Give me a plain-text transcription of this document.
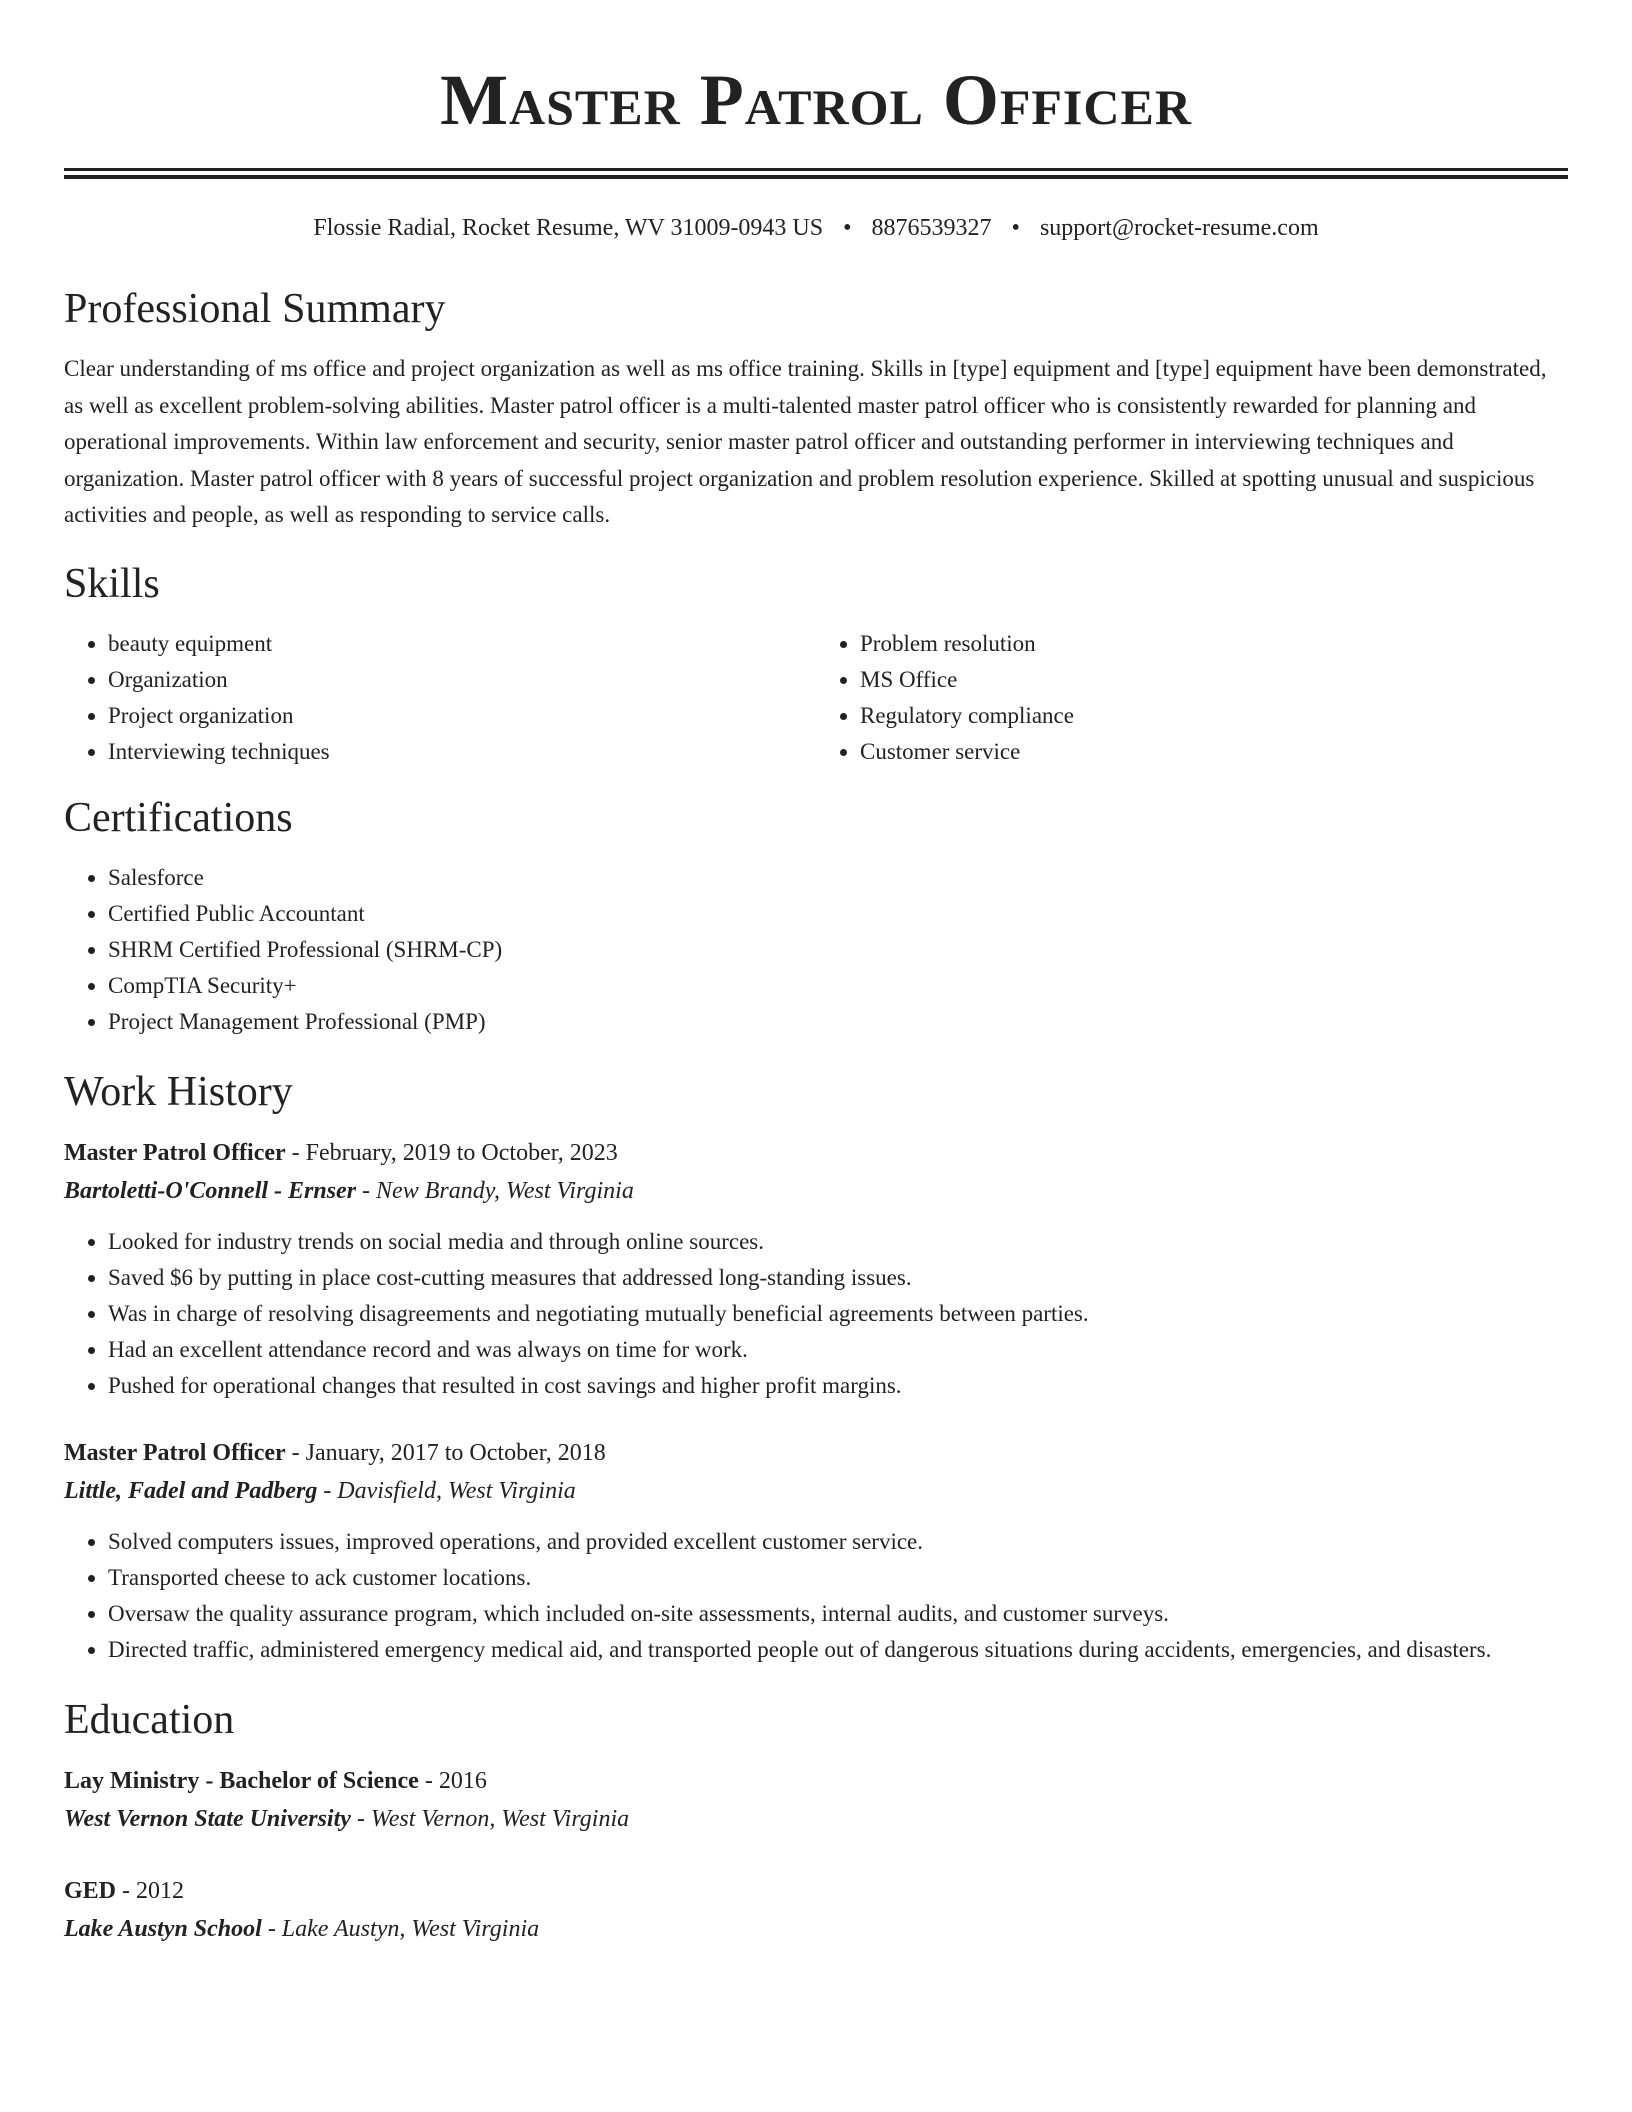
Master Patrol Officer
Flossie Radial, Rocket Resume, WV 31009-0943 US • 8876539327 • support@rocket-resume.com
Professional Summary

Clear understanding of ms office and project organization as well as ms office training. Skills in [type] equipment and [type] equipment have been demonstrated, as well as excellent problem-solving abilities. Master patrol officer is a multi-talented master patrol officer who is consistently rewarded for planning and operational improvements. Within law enforcement and security, senior master patrol officer and outstanding performer in interviewing techniques and organization. Master patrol officer with 8 years of successful project organization and problem resolution experience. Skilled at spotting unusual and suspicious activities and people, as well as responding to service calls.

Skills
• beauty equipment
• Organization
• Project organization
• Interviewing techniques
• Problem resolution
• MS Office
• Regulatory compliance
• Customer service
Certifications
• Salesforce
• Certified Public Accountant
• SHRM Certified Professional (SHRM-CP)
• CompTIA Security+
• Project Management Professional (PMP)
Work History
Master Patrol Officer - February, 2019 to October, 2023
Bartoletti-O'Connell - Ernser - New Brandy, West Virginia
• Looked for industry trends on social media and through online sources.
• Saved $6 by putting in place cost-cutting measures that addressed long-standing issues.
• Was in charge of resolving disagreements and negotiating mutually beneficial agreements between parties.
• Had an excellent attendance record and was always on time for work.
• Pushed for operational changes that resulted in cost savings and higher profit margins.
Master Patrol Officer - January, 2017 to October, 2018
Little, Fadel and Padberg - Davisfield, West Virginia
• Solved computers issues, improved operations, and provided excellent customer service.
• Transported cheese to ack customer locations.
• Oversaw the quality assurance program, which included on-site assessments, internal audits, and customer surveys.
• Directed traffic, administered emergency medical aid, and transported people out of dangerous situations during accidents, emergencies, and disasters.
Education
Lay Ministry - Bachelor of Science - 2016
West Vernon State University - West Vernon, West Virginia
GED - 2012
Lake Austyn School - Lake Austyn, West Virginia
